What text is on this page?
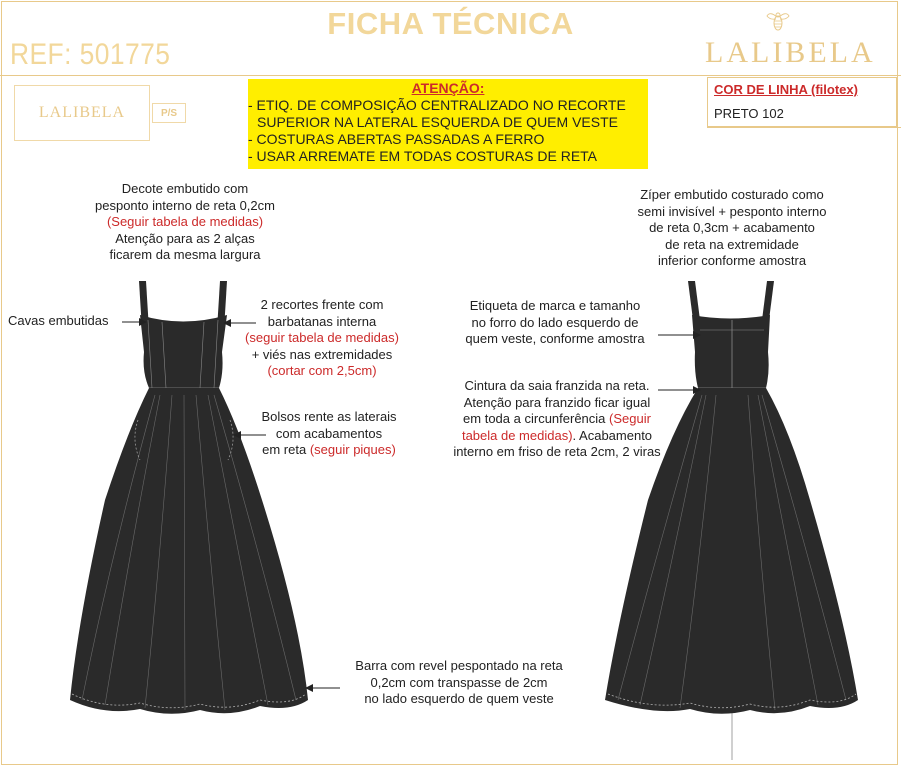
FICHA TÉCNICA
REF: 501775	LALIBELA
LALIBELA	P/S
ATENÇÃO:
- ETIQ. DE COMPOSIÇÃO CENTRALIZADO NO RECORTE
SUPERIOR NA LATERAL ESQUERDA DE QUEM VESTE
- COSTURAS ABERTAS PASSADAS A FERRO
- USAR ARREMATE EM TODAS COSTURAS DE RETA
COR DE LINHA (filotex)
PRETO 102
Decote embutido com
pesponto interno de reta 0,2cm
(Seguir tabela de medidas)
Atenção para as 2 alças
ficarem da mesma largura
Cavas embutidas
2 recortes frente com
barbatanas interna
(seguir tabela de medidas)
+ viés nas extremidades
(cortar com 2,5cm)
Bolsos rente as laterais
com acabamentos
em reta (seguir piques)
Barra com revel pespontado na reta
0,2cm com transpasse de 2cm
no lado esquerdo de quem veste
Zíper embutido costurado como
semi invisível + pesponto interno
de reta 0,3cm + acabamento
de reta na extremidade
inferior conforme amostra
Etiqueta de marca e tamanho
no forro do lado esquerdo de
quem veste, conforme amostra
Cintura da saia franzida na reta.
Atenção para franzido ficar igual
em toda a circunferência (Seguir
tabela de medidas). Acabamento
interno em friso de reta 2cm, 2 viras
